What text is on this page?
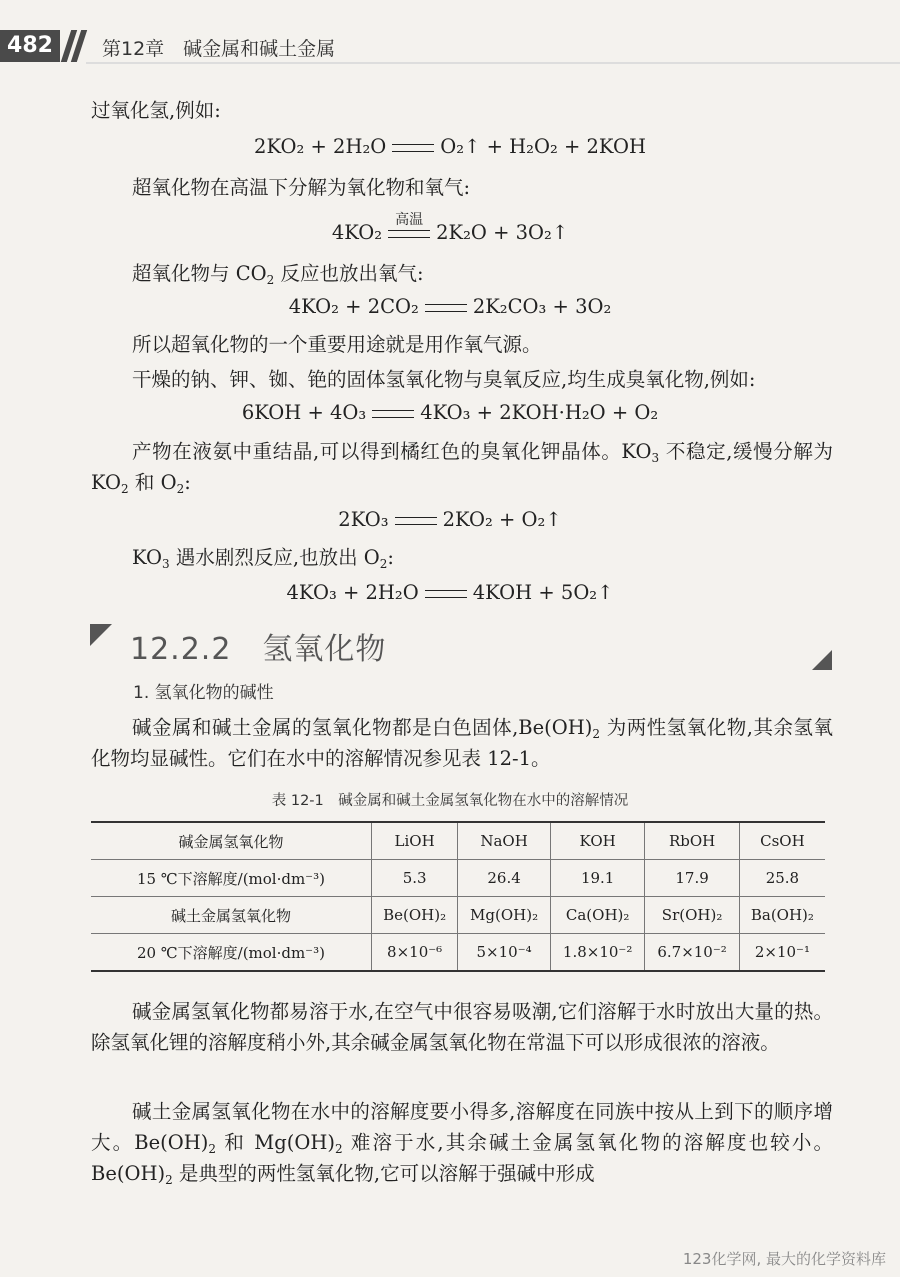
482	第12章　碱金属和碱土金属

过氧化氢,例如:

2KO₂ + 2H₂O	O₂↑ + H₂O₂ + 2KOH

超氧化物在高温下分解为氧化物和氧气:

4KO₂
高温
2K₂O + 3O₂↑

超氧化物与 $CO_2$ 反应也放出氧气:

4KO₂ + 2CO₂	2K₂CO₃ + 3O₂

所以超氧化物的一个重要用途就是用作氧气源。

干燥的钠、钾、铷、铯的固体氢氧化物与臭氧反应,均生成臭氧化物,例如:

6KOH + 4O₃	4KO₃ + 2KOH·H₂O + O₂

产物在液氨中重结晶,可以得到橘红色的臭氧化钾晶体。$KO_3$ 不稳定,缓慢分解为 $KO_2$ 和 $O_2$:

2KO₃	2KO₂ + O₂↑

$KO_3$ 遇水剧烈反应,也放出 $O_2$:

4KO₃ + 2H₂O	4KOH + 5O₂↑
12.2.2　氢氧化物
1. 氢氧化物的碱性

碱金属和碱土金属的氢氧化物都是白色固体$,Be(OH)_2$ 为两性氢氧化物,其余氢氧化物均显碱性。它们在水中的溶解情况参见表 12-1。

表 12-1　碱金属和碱土金属氢氧化物在水中的溶解情况
碱金属氢氧化物	LiOH	NaOH	KOH	RbOH	CsOH
15 ℃下溶解度/(mol·dm⁻³)	5.3	26.4	19.1	17.9	25.8
碱土金属氢氧化物	Be(OH)₂	Mg(OH)₂	Ca(OH)₂	Sr(OH)₂	Ba(OH)₂
20 ℃下溶解度/(mol·dm⁻³)	8×10⁻⁶	5×10⁻⁴	1.8×10⁻²	6.7×10⁻²	2×10⁻¹

碱金属氢氧化物都易溶于水,在空气中很容易吸潮,它们溶解于水时放出大量的热。除氢氧化锂的溶解度稍小外,其余碱金属氢氧化物在常温下可以形成很浓的溶液。

碱土金属氢氧化物在水中的溶解度要小得多,溶解度在同族中按从上到下的顺序增大。$Be(OH)_2$ 和 $Mg(OH)_2$ 难溶于水,其余碱土金属氢氧化物的溶解度也较小。$Be(OH)_2$ 是典型的两性氢氧化物,它可以溶解于强碱中形成

123化学网, 最大的化学资料库
